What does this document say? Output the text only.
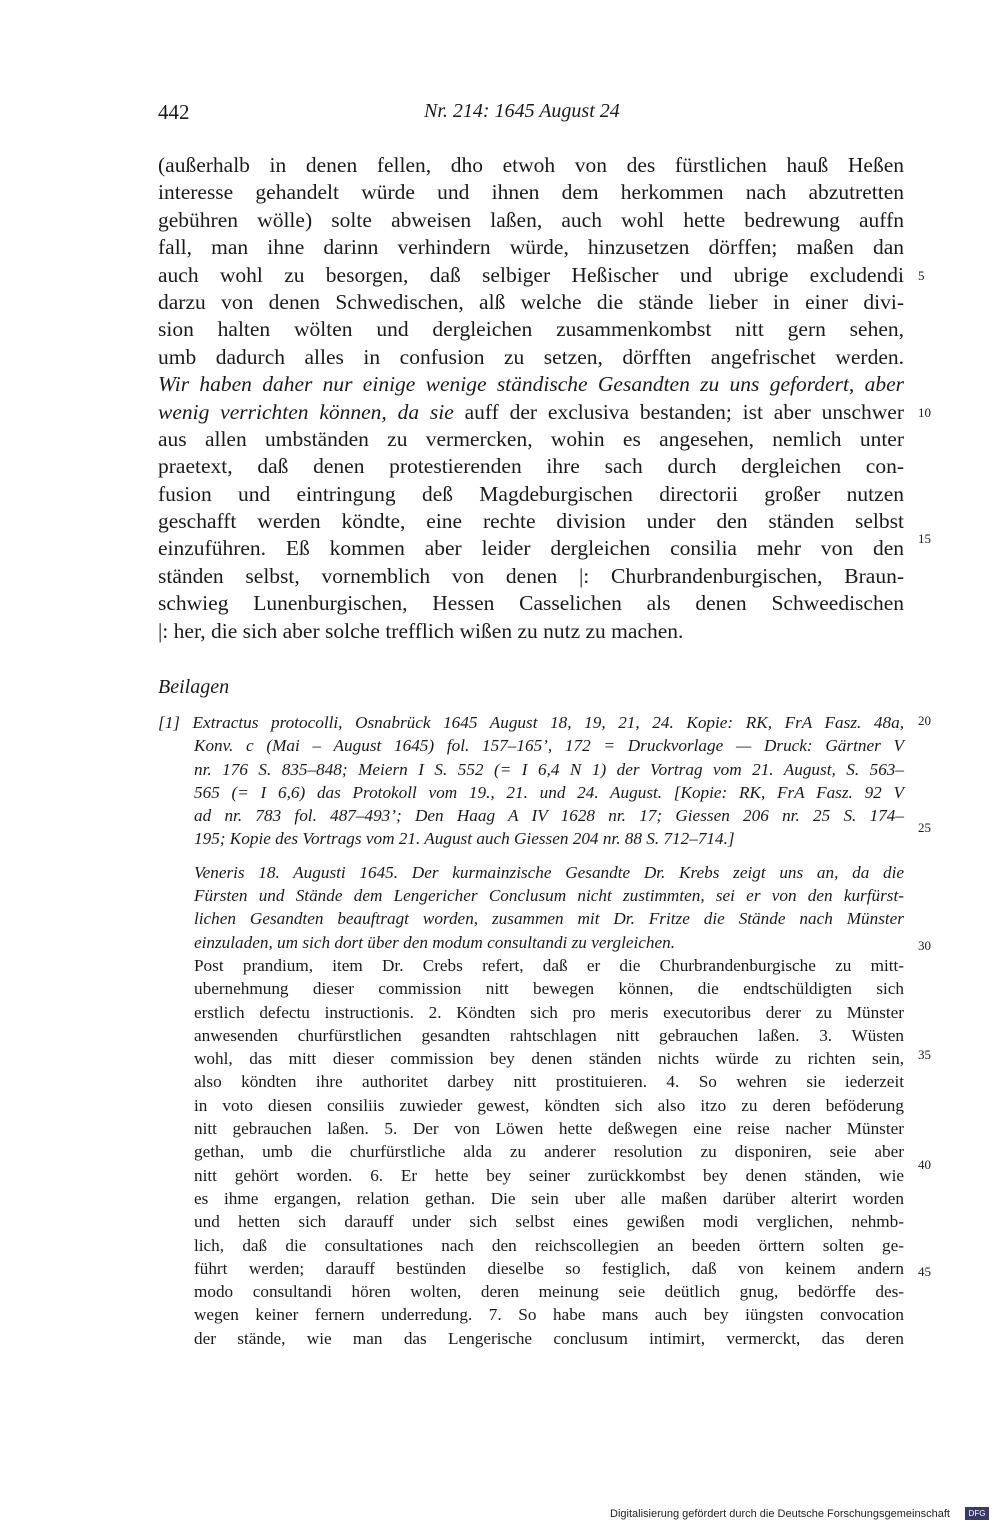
442	Nr. 214: 1645 August 24
(außerhalb in denen fellen, dho etwoh von des fürstlichen hauß Heßen
interesse gehandelt würde und ihnen dem herkommen nach abzutretten
gebühren wölle) solte abweisen laßen, auch wohl hette bedrewung auffn
fall, man ihne darinn verhindern würde, hinzusetzen dörffen; maßen dan
auch wohl zu besorgen, daß selbiger Heßischer und ubrige excludendi
darzu von denen Schwedischen, alß welche die stände lieber in einer divi-
sion halten wölten und dergleichen zusammenkombst nitt gern sehen,
umb dadurch alles in confusion zu setzen, dörfften angefrischet werden.
Wir haben daher nur einige wenige ständische Gesandten zu uns gefordert, aber
wenig verrichten können, da sie auff der exclusiva bestanden; ist aber unschwer
aus allen umbständen zu vermercken, wohin es angesehen, nemlich unter
praetext, daß denen protestierenden ihre sach durch dergleichen con-
fusion und eintringung deß Magdeburgischen directorii großer nutzen
geschafft werden köndte, eine rechte division under den ständen selbst
einzuführen. Eß kommen aber leider dergleichen consilia mehr von den
ständen selbst, vornemblich von denen |: Churbrandenburgischen, Braun-
schwieg Lunenburgischen, Hessen Casselichen als denen Schweedischen
|: her, die sich aber solche trefflich wißen zu nutz zu machen.
5
10
15
Beilagen
[1] Extractus protocolli, Osnabrück 1645 August 18, 19, 21, 24. Kopie: RK, FrA Fasz. 48a,
Konv. c (Mai – August 1645) fol. 157–165’, 172 = Druckvorlage — Druck: Gärtner V
nr. 176 S. 835–848; Meiern I S. 552 (= I 6,4 N 1) der Vortrag vom 21. August, S. 563–
565 (= I 6,6) das Protokoll vom 19., 21. und 24. August. [Kopie: RK, FrA Fasz. 92 V
ad nr. 783 fol. 487–493’; Den Haag A IV 1628 nr. 17; Giessen 206 nr. 25 S. 174–
195; Kopie des Vortrags vom 21. August auch Giessen 204 nr. 88 S. 712–714.]
Veneris 18. Augusti 1645. Der kurmainzische Gesandte Dr. Krebs zeigt uns an, da die
Fürsten und Stände dem Lengericher Conclusum nicht zustimmten, sei er von den kurfürst-
lichen Gesandten beauftragt worden, zusammen mit Dr. Fritze die Stände nach Münster
einzuladen, um sich dort über den modum consultandi zu vergleichen.
Post prandium, item Dr. Crebs refert, daß er die Churbrandenburgische zu mitt-
ubernehmung dieser commission nitt bewegen können, die endtschüldigten sich
erstlich defectu instructionis. 2. Köndten sich pro meris executoribus derer zu Münster
anwesenden churfürstlichen gesandten rahtschlagen nitt gebrauchen laßen. 3. Wüsten
wohl, das mitt dieser commission bey denen ständen nichts würde zu richten sein,
also köndten ihre authoritet darbey nitt prostituieren. 4. So wehren sie iederzeit
in voto diesen consiliis zuwieder gewest, köndten sich also itzo zu deren beföderung
nitt gebrauchen laßen. 5. Der von Löwen hette deßwegen eine reise nacher Münster
gethan, umb die churfürstliche alda zu anderer resolution zu disponiren, seie aber
nitt gehört worden. 6. Er hette bey seiner zurückkombst bey denen ständen, wie
es ihme ergangen, relation gethan. Die sein uber alle maßen darüber alterirt worden
und hetten sich darauff under sich selbst eines gewißen modi verglichen, nehmb-
lich, daß die consultationes nach den reichscollegien an beeden örttern solten ge-
führt werden; darauff bestünden dieselbe so festiglich, daß von keinem andern
modo consultandi hören wolten, deren meinung seie deütlich gnug, bedörffe des-
wegen keiner fernern underredung. 7. So habe mans auch bey iüngsten convocation
der stände, wie man das Lengerische conclusum intimirt, vermerckt, das deren
20
25
30
35
40
45
Digitalisierung gefördert durch die Deutsche Forschungsgemeinschaft	DFG
